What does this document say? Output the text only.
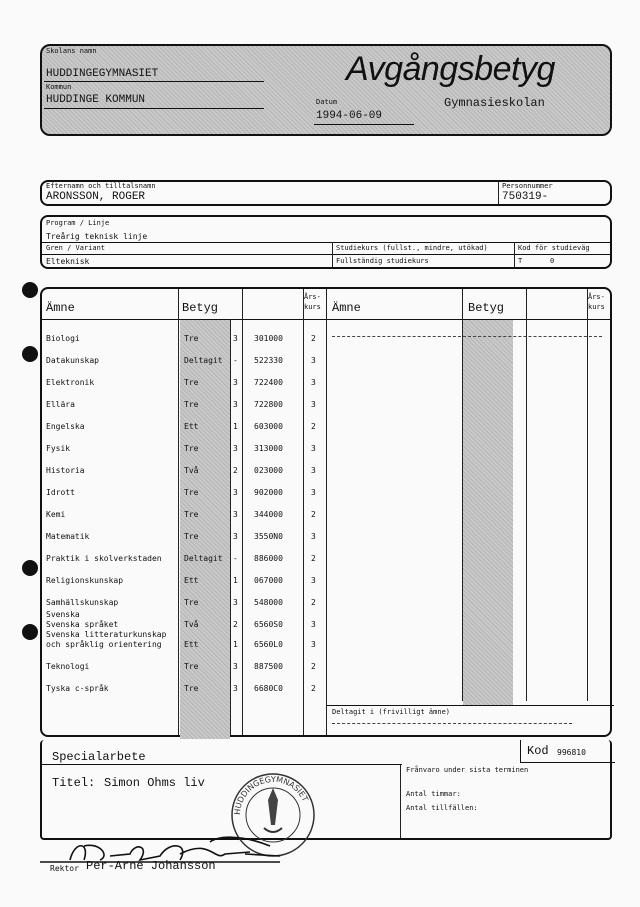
Skolans namn
HUDDINGEGYMNASIET
Kommun
HUDDINGE KOMMUN
Avgångsbetyg
Gymnasieskolan
Datum
1994-06-09
Efternamn och tilltalsnamn
ARONSSON, ROGER
Personnummer
750319-
Program / Linje
Treårig teknisk linje
Gren / Variant
Elteknisk
Studiekurs (fullst., mindre, utökad)
Fullständig studiekurs
Kod för studieväg
T	0
Ämne	Betyg
Års-kurs Ämne	Betyg
Års-kurs
Biologi	Tre	3 301000	2
Datakunskap	Deltagit - 522330	3
Elektronik	Tre	3 722400	3
Ellära	Tre	3 722800	3
Engelska	Ett	1 603000	2
Fysik	Tre	3 313000	3
Historia	Två	2 023000	3
Idrott	Tre	3 902000	3
Kemi	Tre	3 344000	2
Matematik	Tre	3 3550N0	3
Praktik i skolverkstaden	Deltagit - 886000	2
Religionskunskap	Ett	1 067000	3
Samhällskunskap	Tre	3 548000	2
Svenska
Svenska språket	Två	2 6560S0	3
Svenska litteraturkunskap
och språklig orientering	Ett	1 6560L0	3
Teknologi	Tre	3 887500	2
Tyska c-språk	Tre	3 6680C0	2
Deltagit i (frivilligt ämne)
Specialarbete	Kod 996810
Titel: Simon Ohms liv
Frånvaro under sista terminen
Antal timmar:
Antal tillfällen:
HUDDINGEGYMNASIET
Rektor Per-Arne Johansson
